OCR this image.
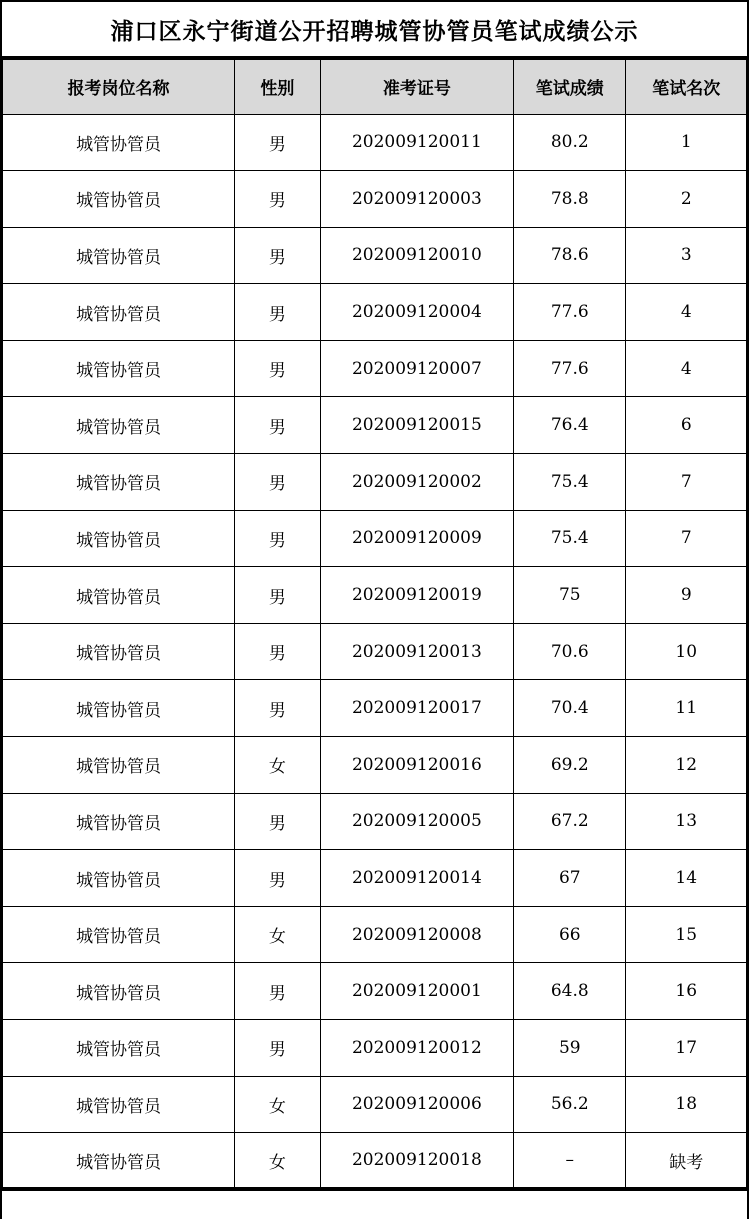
浦口区永宁街道公开招聘城管协管员笔试成绩公示
报考岗位名称	性别	准考证号	笔试成绩	笔试名次
城管协管员	男	202009120011	80.2	1
城管协管员	男	202009120003	78.8	2
城管协管员	男	202009120010	78.6	3
城管协管员	男	202009120004	77.6	4
城管协管员	男	202009120007	77.6	4
城管协管员	男	202009120015	76.4	6
城管协管员	男	202009120002	75.4	7
城管协管员	男	202009120009	75.4	7
城管协管员	男	202009120019	75	9
城管协管员	男	202009120013	70.6	10
城管协管员	男	202009120017	70.4	11
城管协管员	女	202009120016	69.2	12
城管协管员	男	202009120005	67.2	13
城管协管员	男	202009120014	67	14
城管协管员	女	202009120008	66	15
城管协管员	男	202009120001	64.8	16
城管协管员	男	202009120012	59	17
城管协管员	女	202009120006	56.2	18
城管协管员	女	202009120018	–	缺考
